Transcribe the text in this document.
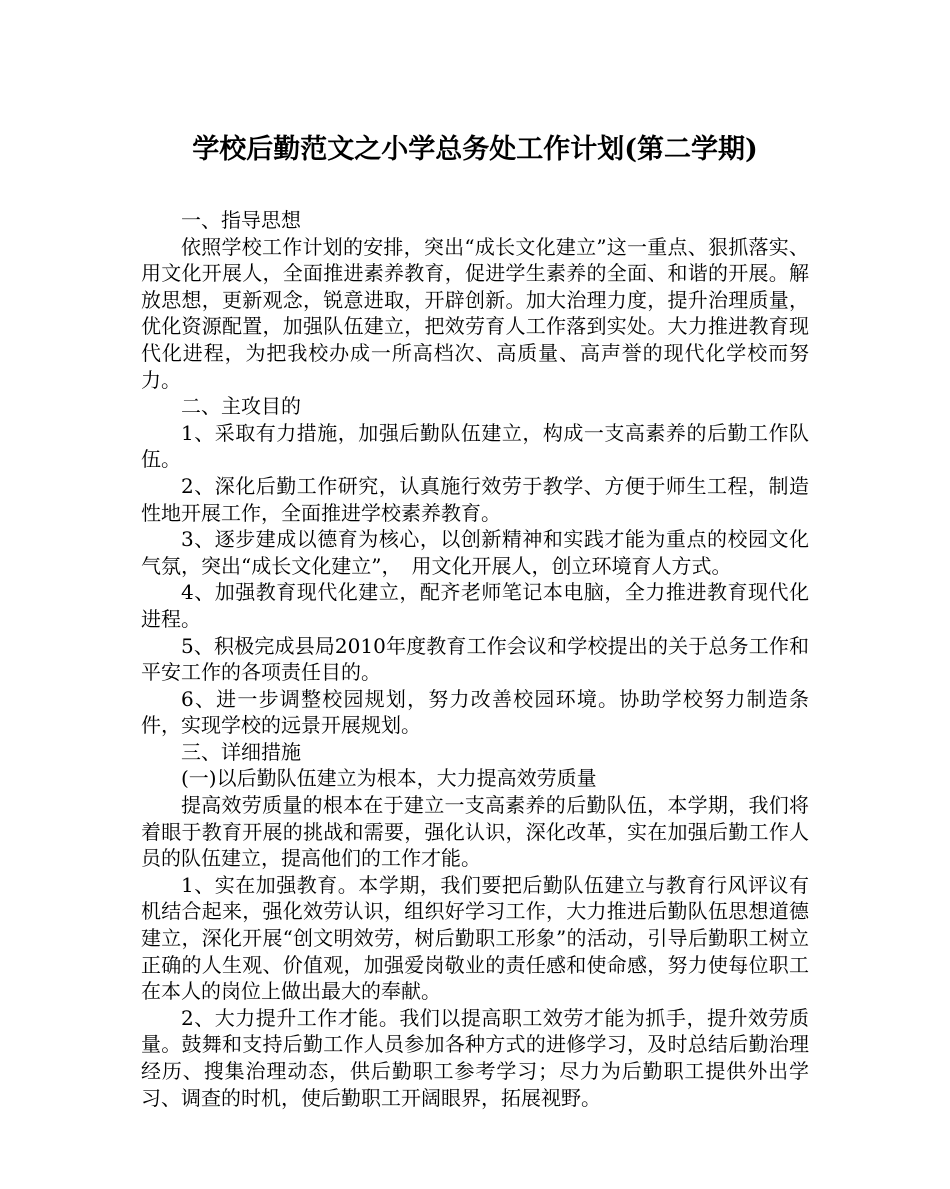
学校后勤范文之小学总务处工作计划(第二学期)

一、指导思想

依照学校工作计划的安排，突出“成长文化建立”这一重点、狠抓落实、用文化开展人，全面推进素养教育，促进学生素养的全面、和谐的开展。解放思想，更新观念，锐意进取，开辟创新。加大治理力度，提升治理质量，优化资源配置，加强队伍建立，把效劳育人工作落到实处。大力推进教育现代化进程，为把我校办成一所高档次、高质量、高声誉的现代化学校而努力。

二、主攻目的

1、采取有力措施，加强后勤队伍建立，构成一支高素养的后勤工作队伍。

2、深化后勤工作研究，认真施行效劳于教学、方便于师生工程，制造性地开展工作，全面推进学校素养教育。

3、逐步建成以德育为核心，以创新精神和实践才能为重点的校园文化气氛，突出“成长文化建立”，　用文化开展人，创立环境育人方式。

4、加强教育现代化建立，配齐老师笔记本电脑，全力推进教育现代化进程。

5、积极完成县局2010年度教育工作会议和学校提出的关于总务工作和平安工作的各项责任目的。

6、进一步调整校园规划，努力改善校园环境。协助学校努力制造条件，实现学校的远景开展规划。

三、详细措施

(一)以后勤队伍建立为根本，大力提高效劳质量

提高效劳质量的根本在于建立一支高素养的后勤队伍，本学期，我们将着眼于教育开展的挑战和需要，强化认识，深化改革，实在加强后勤工作人员的队伍建立，提高他们的工作才能。

1、实在加强教育。本学期，我们要把后勤队伍建立与教育行风评议有机结合起来，强化效劳认识，组织好学习工作，大力推进后勤队伍思想道德建立，深化开展“创文明效劳，树后勤职工形象”的活动，引导后勤职工树立正确的人生观、价值观，加强爱岗敬业的责任感和使命感，努力使每位职工在本人的岗位上做出最大的奉献。

2、大力提升工作才能。我们以提高职工效劳才能为抓手，提升效劳质量。鼓舞和支持后勤工作人员参加各种方式的进修学习，及时总结后勤治理经历、搜集治理动态，供后勤职工参考学习；尽力为后勤职工提供外出学习、调查的时机，使后勤职工开阔眼界，拓展视野。
